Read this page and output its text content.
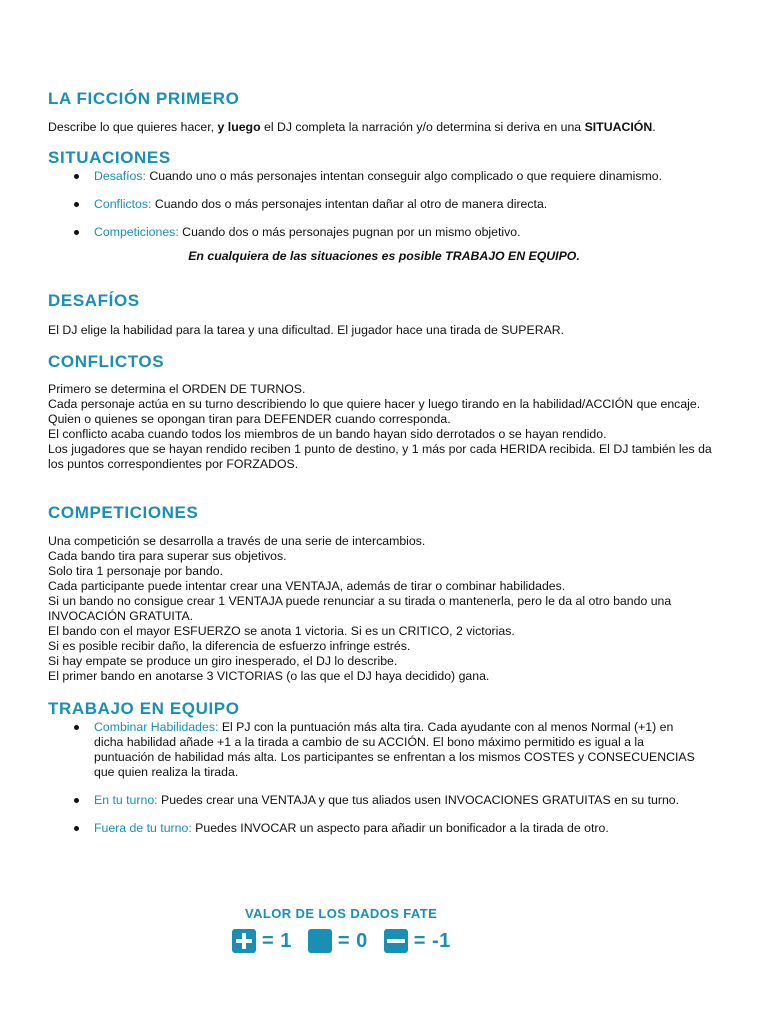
LA FICCIÓN PRIMERO

Describe lo que quieres hacer, y luego el DJ completa la narración y/o determina si deriva en una SITUACIÓN.

SITUACIONES
Desafíos: Cuando uno o más personajes intentan conseguir algo complicado o que requiere dinamismo.
Conflictos: Cuando dos o más personajes intentan dañar al otro de manera directa.
Competiciones: Cuando dos o más personajes pugnan por un mismo objetivo.
En cualquiera de las situaciones es posible TRABAJO EN EQUIPO.
DESAFÍOS

El DJ elige la habilidad para la tarea y una dificultad. El jugador hace una tirada de SUPERAR.

CONFLICTOS

Primero se determina el ORDEN DE TURNOS.
Cada personaje actúa en su turno describiendo lo que quiere hacer y luego tirando en la habilidad/ACCIÓN que encaje.
Quien o quienes se opongan tiran para DEFENDER cuando corresponda.
El conflicto acaba cuando todos los miembros de un bando hayan sido derrotados o se hayan rendido.
Los jugadores que se hayan rendido reciben 1 punto de destino, y 1 más por cada HERIDA recibida. El DJ también les da los puntos correspondientes por FORZADOS.

COMPETICIONES

Una competición se desarrolla a través de una serie de intercambios.
Cada bando tira para superar sus objetivos.
Solo tira 1 personaje por bando.
Cada participante puede intentar crear una VENTAJA, además de tirar o combinar habilidades.
Si un bando no consigue crear 1 VENTAJA puede renunciar a su tirada o mantenerla, pero le da al otro bando una INVOCACIÓN GRATUITA.
El bando con el mayor ESFUERZO se anota 1 victoria. Si es un CRITICO, 2 victorias.
Si es posible recibir daño, la diferencia de esfuerzo infringe estrés.
Si hay empate se produce un giro inesperado, el DJ lo describe.
El primer bando en anotarse 3 VICTORIAS (o las que el DJ haya decidido) gana.

TRABAJO EN EQUIPO
Combinar Habilidades: El PJ con la puntuación más alta tira. Cada ayudante con al menos Normal (+1) en dicha habilidad añade +1 a la tirada a cambio de su ACCIÓN. El bono máximo permitido es igual a la puntuación de habilidad más alta. Los participantes se enfrentan a los mismos COSTES y CONSECUENCIAS que quien realiza la tirada.
En tu turno: Puedes crear una VENTAJA y que tus aliados usen INVOCACIONES GRATUITAS en su turno.
Fuera de tu turno: Puedes INVOCAR un aspecto para añadir un bonificador a la tirada de otro.
VALOR DE LOS DADOS FATE
= 1 = 0 = -1
